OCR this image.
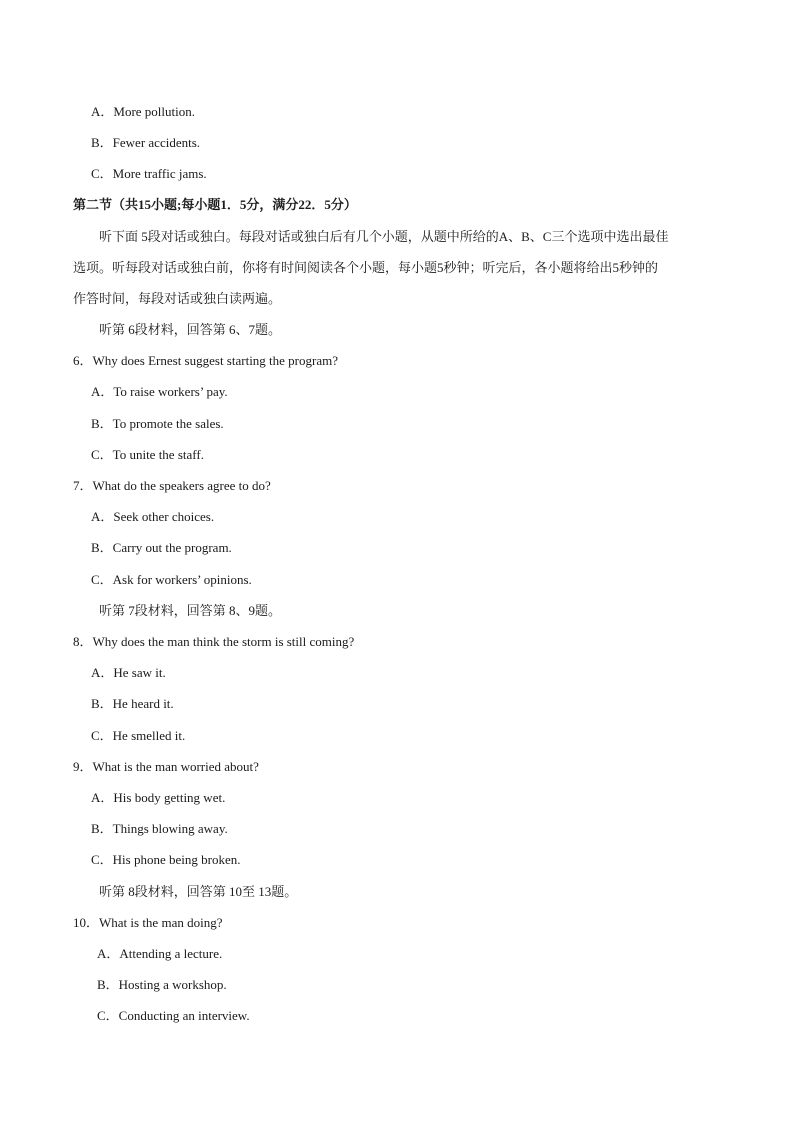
A．More pollution.
B．Fewer accidents.
C．More traffic jams.
第二节（共15小题;每小题1．5分，满分22．5分）
听下面 5段对话或独白。每段对话或独白后有几个小题，从题中所给的A、B、C三个选项中选出最佳
选项。听每段对话或独白前，你将有时间阅读各个小题，每小题5秒钟；听完后，各小题将给出5秒钟的
作答时间，每段对话或独白读两遍。
听第 6段材料，回答第 6、7题。
6．Why does Ernest suggest starting the program?
A．To raise workers’ pay.
B．To promote the sales.
C．To unite the staff.
7．What do the speakers agree to do?
A．Seek other choices.
B．Carry out the program.
C．Ask for workers’ opinions.
听第 7段材料，回答第 8、9题。
8．Why does the man think the storm is still coming?
A．He saw it.
B．He heard it.
C．He smelled it.
9．What is the man worried about?
A．His body getting wet.
B．Things blowing away.
C．His phone being broken.
听第 8段材料，回答第 10至 13题。
10．What is the man doing?
A．Attending a lecture.
B．Hosting a workshop.
C．Conducting an interview.
